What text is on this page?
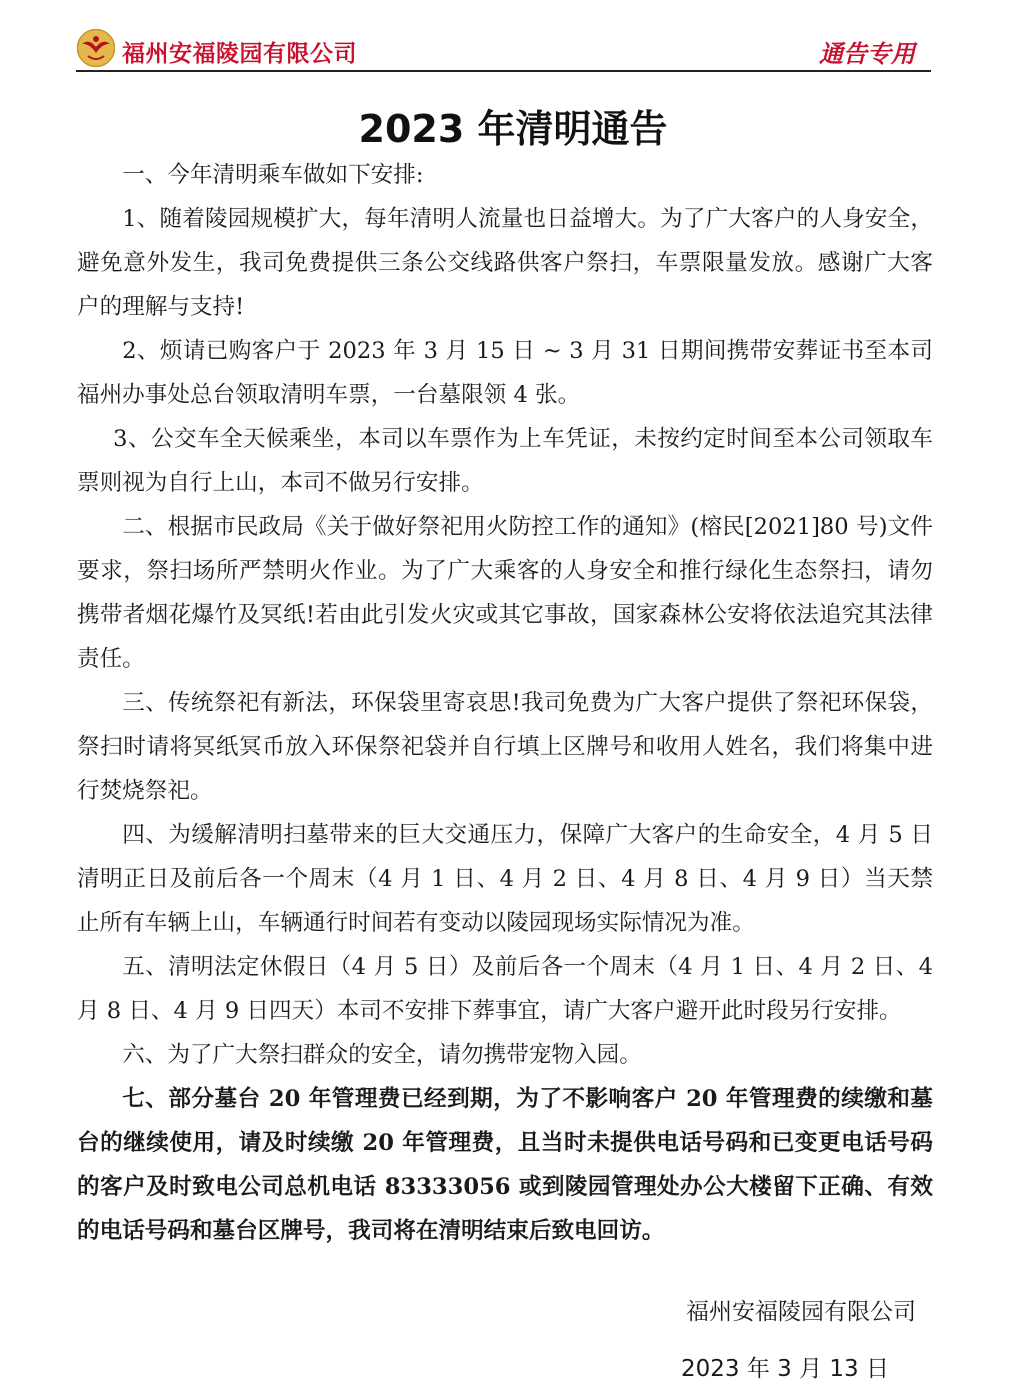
福州安福陵园有限公司	通告专用
2023 年清明通告

一、今年清明乘车做如下安排:

1、随着陵园规模扩大，每年清明人流量也日益增大。为了广大客户的人身安全，避免意外发生，我司免费提供三条公交线路供客户祭扫，车票限量发放。感谢广大客户的理解与支持!

2、烦请已购客户于 2023 年 3 月 15 日 ~ 3 月 31 日期间携带安葬证书至本司福州办事处总台领取清明车票，一台墓限领 4 张。

3、公交车全天候乘坐，本司以车票作为上车凭证，未按约定时间至本公司领取车票则视为自行上山，本司不做另行安排。

二、根据市民政局《关于做好祭祀用火防控工作的通知》(榕民[2021]80 号)文件要求，祭扫场所严禁明火作业。为了广大乘客的人身安全和推行绿化生态祭扫，请勿携带者烟花爆竹及冥纸!若由此引发火灾或其它事故，国家森林公安将依法追究其法律责任。

三、传统祭祀有新法，环保袋里寄哀思!我司免费为广大客户提供了祭祀环保袋，祭扫时请将冥纸冥币放入环保祭祀袋并自行填上区牌号和收用人姓名，我们将集中进行焚烧祭祀。

四、为缓解清明扫墓带来的巨大交通压力，保障广大客户的生命安全，4 月 5 日清明正日及前后各一个周末（4 月 1 日、4 月 2 日、4 月 8 日、4 月 9 日）当天禁止所有车辆上山，车辆通行时间若有变动以陵园现场实际情况为准。

五、清明法定休假日（4 月 5 日）及前后各一个周末（4 月 1 日、4 月 2 日、4 月 8 日、4 月 9 日四天）本司不安排下葬事宜，请广大客户避开此时段另行安排。

六、为了广大祭扫群众的安全，请勿携带宠物入园。

七、部分墓台 20 年管理费已经到期，为了不影响客户 20 年管理费的续缴和墓台的继续使用，请及时续缴 20 年管理费，且当时未提供电话号码和已变更电话号码的客户及时致电公司总机电话 83333056 或到陵园管理处办公大楼留下正确、有效的电话号码和墓台区牌号，我司将在清明结束后致电回访。

福州安福陵园有限公司
2023 年 3 月 13 日
